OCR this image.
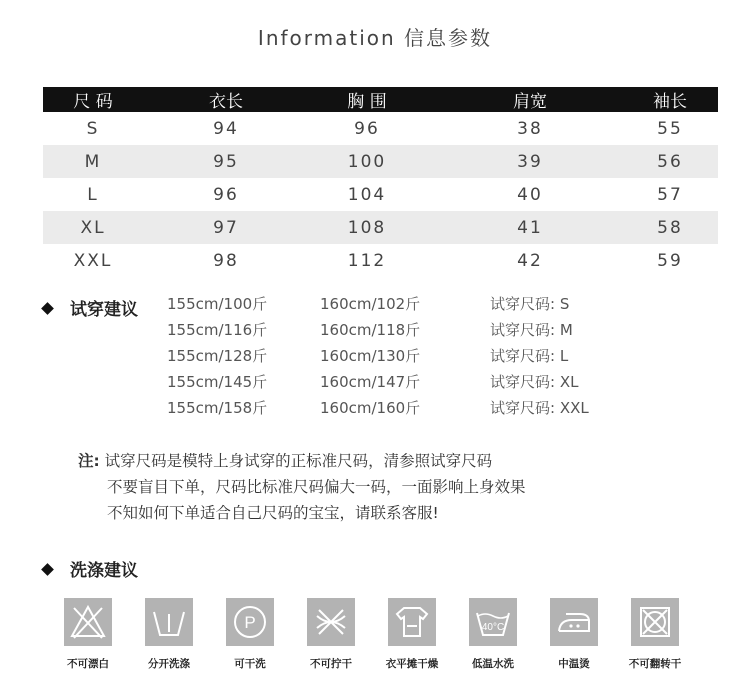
Information 信息参数
尺 码	衣长	胸 围	肩宽	袖长
S	94	96	38	55
M	95	100	39	56
L	96	104	40	57
XL	97	108	41	58
XXL	98	112	42	59
试穿建议 155cm/100斤	160cm/102斤	试穿尺码: S
155cm/116斤	160cm/118斤	试穿尺码: M
155cm/128斤	160cm/130斤	试穿尺码: L
155cm/145斤	160cm/147斤	试穿尺码: XL
155cm/158斤	160cm/160斤	试穿尺码: XXL
注: 试穿尺码是模特上身试穿的正标准尺码，清参照试穿尺码
不要盲目下单，尺码比标准尺码偏大一码，一面影响上身效果
不知如何下单适合自己尺码的宝宝，请联系客服!
洗涤建议
不可漂白	分开洗涤
P
可干洗	不可拧干	衣平摊干燥
40°C
低温水洗	中温烫	不可翻转干
